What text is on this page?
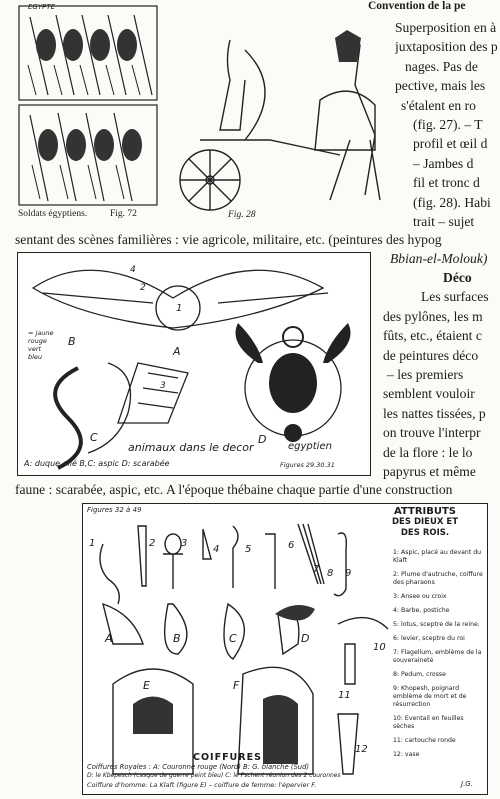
Convention de la pe
EGYPTE
Soldats égyptiens. Fig. 72	Fig. 28
Superposition en à
juxtaposition des p
nages. Pas de
pective, mais les
s'étalent en ro
(fig. 27). – T
profil et œil d
– Jambes d
fil et tronc d
(fig. 28). Habi
trait – sujet
sentant des scènes familières : vie agricole, militaire, etc. (peintures des hypog
Bbian-el-Molouk)
A
B
C	D
1
2
3
4
= jaune
rouge
vert
bleu
animaux dans le decor	egyptien
A: duque ailé B,C: aspic D: scarabée	Figures 29.30.31
Déco
Les surfaces
des pylônes, les m
fûts, etc., étaient c
de peintures déco
– les premiers
semblent vouloir
les nattes tissées, p
on trouve l'interpr
de la flore : le lo
papyrus et même
faune : scarabée, aspic, etc. A l'époque thébaine chaque partie d'une construction
Figures 32 à 49	ATTRIBUTS
DES DIEUX ET
DES ROIS.
1: Aspic, placé au devant du Klaft
2: Plume d'autruche, coiffure des pharaons
3: Ansee ou croix
4: Barbe, postiche
5: lotus, sceptre de la reine.
6: levier, sceptre du roi
7: Flagellum, emblème de la souveraineté
8: Pedum, crosse
9: Khopesh, poignard emblème de mort et de résurrection
10: Eventail en feuilles sèches
11: cartouche ronde
12: vase
1	2	3
4	5	6
7 8 9
10
11
12
A	B	C	D
E	F
COIFFURES
Coiffures Royales : A: Couronne rouge (Nord) B: G. blanche (Sud)
D: le Kbepesch (casque de guerre peint bleu) C: le Pschent réunion des 2 couronnes
Coiffure d'homme: La Klaft (figure E) – coiffure de femme: l'épervier F.	J.G.
